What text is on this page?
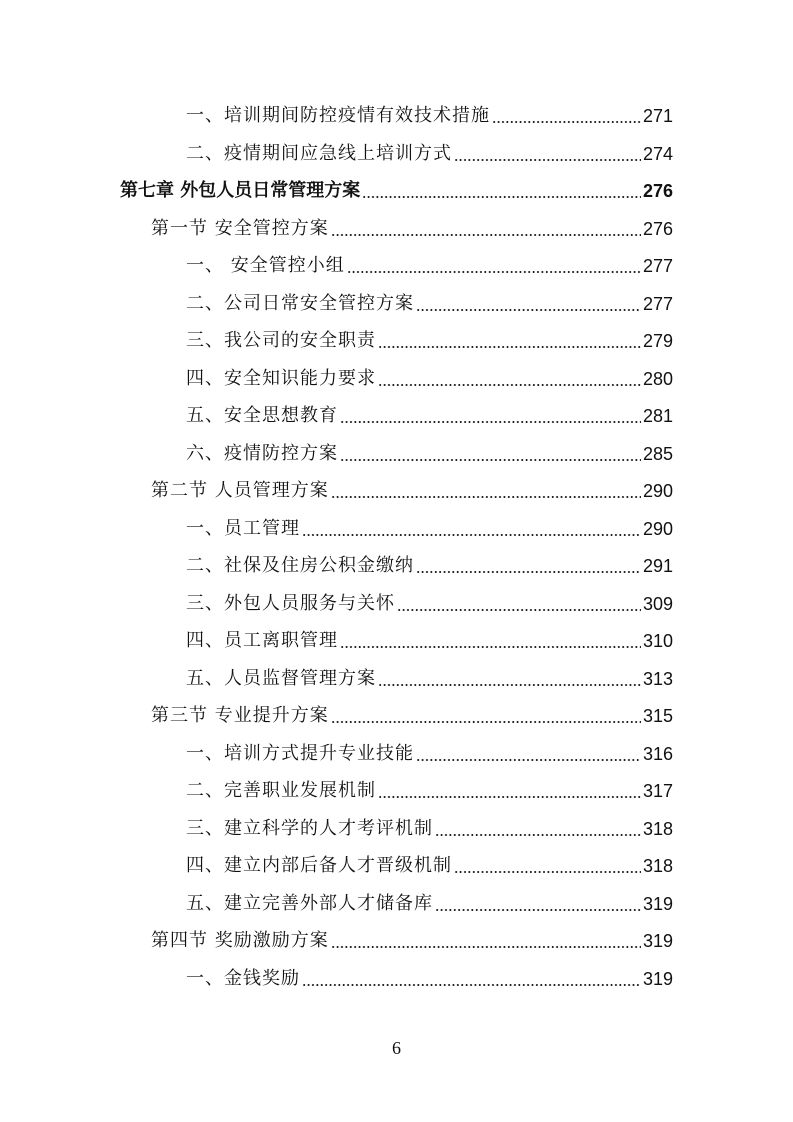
一、培训期间防控疫情有效技术措施	271
二、疫情期间应急线上培训方式	274
第七章 外包人员日常管理方案	276
第一节 安全管控方案	276
一、 安全管控小组	277
二、公司日常安全管控方案	277
三、我公司的安全职责	279
四、安全知识能力要求	280
五、安全思想教育	281
六、疫情防控方案	285
第二节 人员管理方案	290
一、员工管理	290
二、社保及住房公积金缴纳	291
三、外包人员服务与关怀	309
四、员工离职管理	310
五、人员监督管理方案	313
第三节 专业提升方案	315
一、培训方式提升专业技能	316
二、完善职业发展机制	317
三、建立科学的人才考评机制	318
四、建立内部后备人才晋级机制	318
五、建立完善外部人才储备库	319
第四节 奖励激励方案	319
一、金钱奖励	319
6
